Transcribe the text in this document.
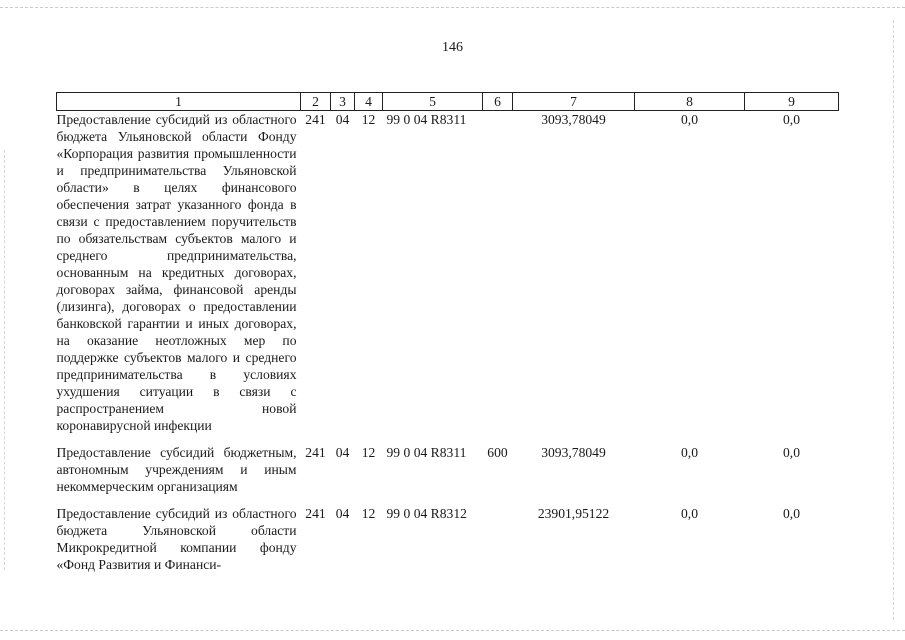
146
1	2	3	4	5	6	7	8	9
Предоставление субсидий из областного бюджета Ульяновской области Фонду «Корпорация развития промышленности и предпринимательства Ульяновской области» в целях финансового обеспечения затрат указанного фонда в связи с предоставлением поручительств по обязательствам субъектов малого и среднего предпринимательства, основанным на кредитных договорах, договорах займа, финансовой аренды (лизинга), договорах о предоставлении банковской гарантии и иных договорах, на оказание неотложных мер по поддержке субъектов малого и среднего предпринимательства в условиях ухудшения ситуации в связи с распространением новой коронавирусной инфекции	241	04	12	99 0 04 R8311		3093,78049	0,0	0,0
Предоставление субсидий бюджетным, автономным учреждениям и иным некоммерческим организациям	241	04	12	99 0 04 R8311	600	3093,78049	0,0	0,0
Предоставление субсидий из областного бюджета Ульяновской области Микрокредитной компании фонду «Фонд Развития и Финанси-	241	04	12	99 0 04 R8312		23901,95122	0,0	0,0
